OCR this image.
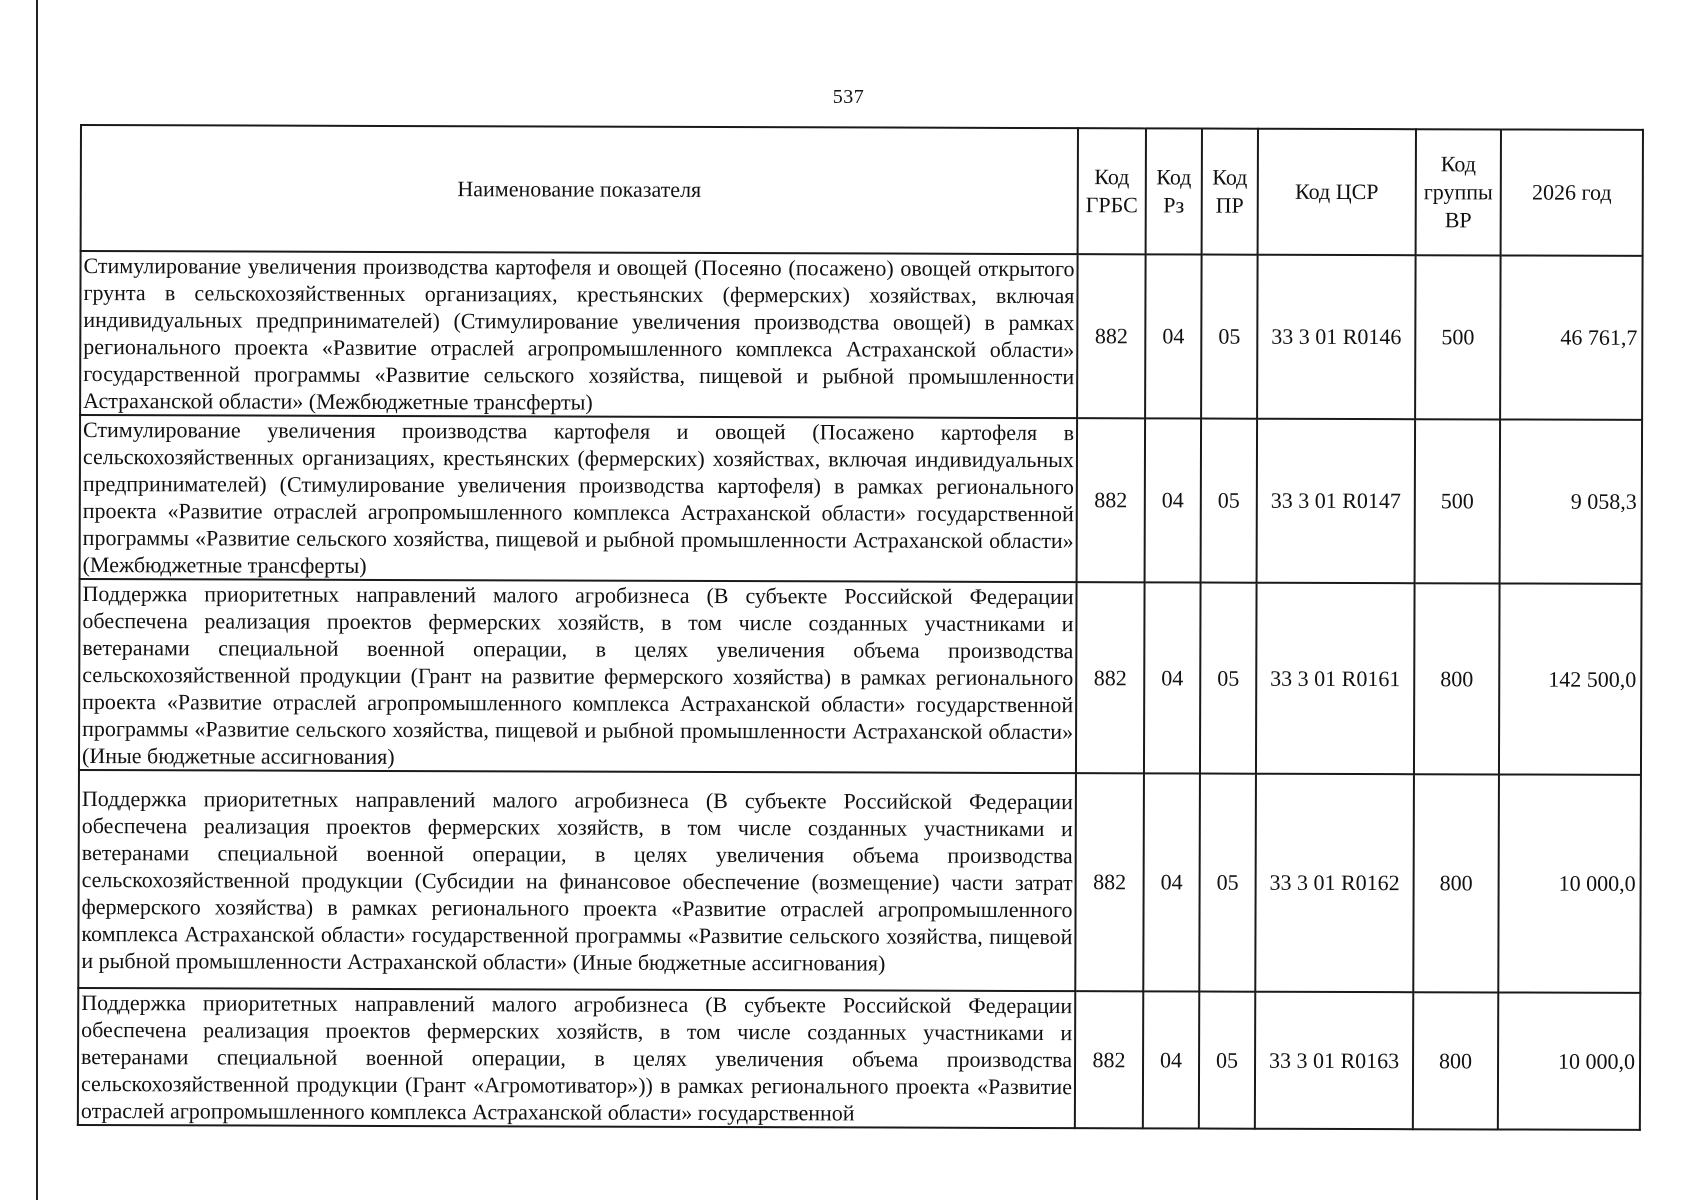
537
Наименование показателя	Код ГРБС	Код Рз	Код ПР	Код ЦСР	Код группы ВР	2026 год
Стимулирование увеличения производства картофеля и овощей (Посеяно (посажено) овощей открытого грунта в сельскохозяйственных организациях, крестьянских (фермерских) хозяйствах, включая индивидуальных предпринимателей) (Стимулирование увеличения производства овощей) в рамках регионального проекта «Развитие отраслей агропромышленного комплекса Астраханской области» государственной программы «Развитие сельского хозяйства, пищевой и рыбной промышленности Астраханской области» (Межбюджетные трансферты)	882	04	05	33 3 01 R0146	500	46 761,7
Стимулирование увеличения производства картофеля и овощей (Посажено картофеля в сельскохозяйственных организациях, крестьянских (фермерских) хозяйствах, включая индивидуальных предпринимателей) (Стимулирование увеличения производства картофеля) в рамках регионального проекта «Развитие отраслей агропромышленного комплекса Астраханской области» государственной программы «Развитие сельского хозяйства, пищевой и рыбной промышленности Астраханской области» (Межбюджетные трансферты)	882	04	05	33 3 01 R0147	500	9 058,3
Поддержка приоритетных направлений малого агробизнеса (В субъекте Российской Федерации обеспечена реализация проектов фермерских хозяйств, в том числе созданных участниками и ветеранами специальной военной операции, в целях увеличения объема производства сельскохозяйственной продукции (Грант на развитие фермерского хозяйства) в рамках регионального проекта «Развитие отраслей агропромышленного комплекса Астраханской области» государственной программы «Развитие сельского хозяйства, пищевой и рыбной промышленности Астраханской области» (Иные бюджетные ассигнования)	882	04	05	33 3 01 R0161	800	142 500,0
Поддержка приоритетных направлений малого агробизнеса (В субъекте Российской Федерации обеспечена реализация проектов фермерских хозяйств, в том числе созданных участниками и ветеранами специальной военной операции, в целях увеличения объема производства сельскохозяйственной продукции (Субсидии на финансовое обеспечение (возмещение) части затрат фермерского хозяйства) в рамках регионального проекта «Развитие отраслей агропромышленного комплекса Астраханской области» государственной программы «Развитие сельского хозяйства, пищевой и рыбной промышленности Астраханской области» (Иные бюджетные ассигнования)	882	04	05	33 3 01 R0162	800	10 000,0
Поддержка приоритетных направлений малого агробизнеса (В субъекте Российской Федерации обеспечена реализация проектов фермерских хозяйств, в том числе созданных участниками и ветеранами специальной военной операции, в целях увеличения объема производства сельскохозяйственной продукции (Грант «Агромотиватор»)) в рамках регионального проекта «Развитие отраслей агропромышленного комплекса Астраханской области» государственной	882	04	05	33 3 01 R0163	800	10 000,0
